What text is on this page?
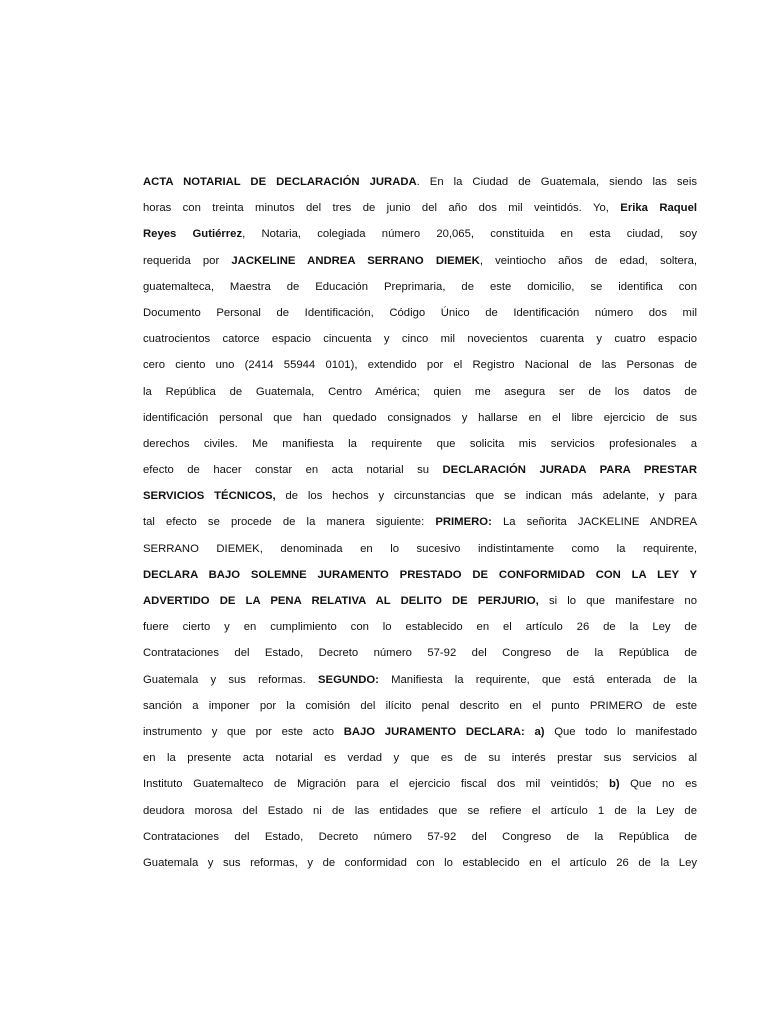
ACTA NOTARIAL DE DECLARACIÓN JURADA. En la Ciudad de Guatemala, siendo las seis
horas con treinta minutos del tres de junio del año dos mil veintidós. Yo, Erika Raquel
Reyes Gutiérrez, Notaria, colegiada número 20,065, constituida en esta ciudad, soy
requerida por JACKELINE ANDREA SERRANO DIEMEK, veintiocho años de edad, soltera,
guatemalteca, Maestra de Educación Preprimaria, de este domicilio, se identifica con
Documento Personal de Identificación, Código Único de Identificación número dos mil
cuatrocientos catorce espacio cincuenta y cinco mil novecientos cuarenta y cuatro espacio
cero ciento uno (2414 55944 0101), extendido por el Registro Nacional de las Personas de
la República de Guatemala, Centro América; quien me asegura ser de los datos de
identificación personal que han quedado consignados y hallarse en el libre ejercicio de sus
derechos civiles. Me manifiesta la requirente que solicita mis servicios profesionales a
efecto de hacer constar en acta notarial su DECLARACIÓN JURADA PARA PRESTAR
SERVICIOS TÉCNICOS, de los hechos y circunstancias que se indican más adelante, y para
tal efecto se procede de la manera siguiente: PRIMERO: La señorita JACKELINE ANDREA
SERRANO DIEMEK, denominada en lo sucesivo indistintamente como la requirente,
DECLARA BAJO SOLEMNE JURAMENTO PRESTADO DE CONFORMIDAD CON LA LEY Y
ADVERTIDO DE LA PENA RELATIVA AL DELITO DE PERJURIO, si lo que manifestare no
fuere cierto y en cumplimiento con lo establecido en el artículo 26 de la Ley de
Contrataciones del Estado, Decreto número 57-92 del Congreso de la República de
Guatemala y sus reformas. SEGUNDO: Manifiesta la requirente, que está enterada de la
sanción a imponer por la comisión del ilícito penal descrito en el punto PRIMERO de este
instrumento y que por este acto BAJO JURAMENTO DECLARA: a) Que todo lo manifestado
en la presente acta notarial es verdad y que es de su interés prestar sus servicios al
Instituto Guatemalteco de Migración para el ejercicio fiscal dos mil veintidós; b) Que no es
deudora morosa del Estado ni de las entidades que se refiere el artículo 1 de la Ley de
Contrataciones del Estado, Decreto número 57-92 del Congreso de la República de
Guatemala y sus reformas, y de conformidad con lo establecido en el artículo 26 de la Ley
